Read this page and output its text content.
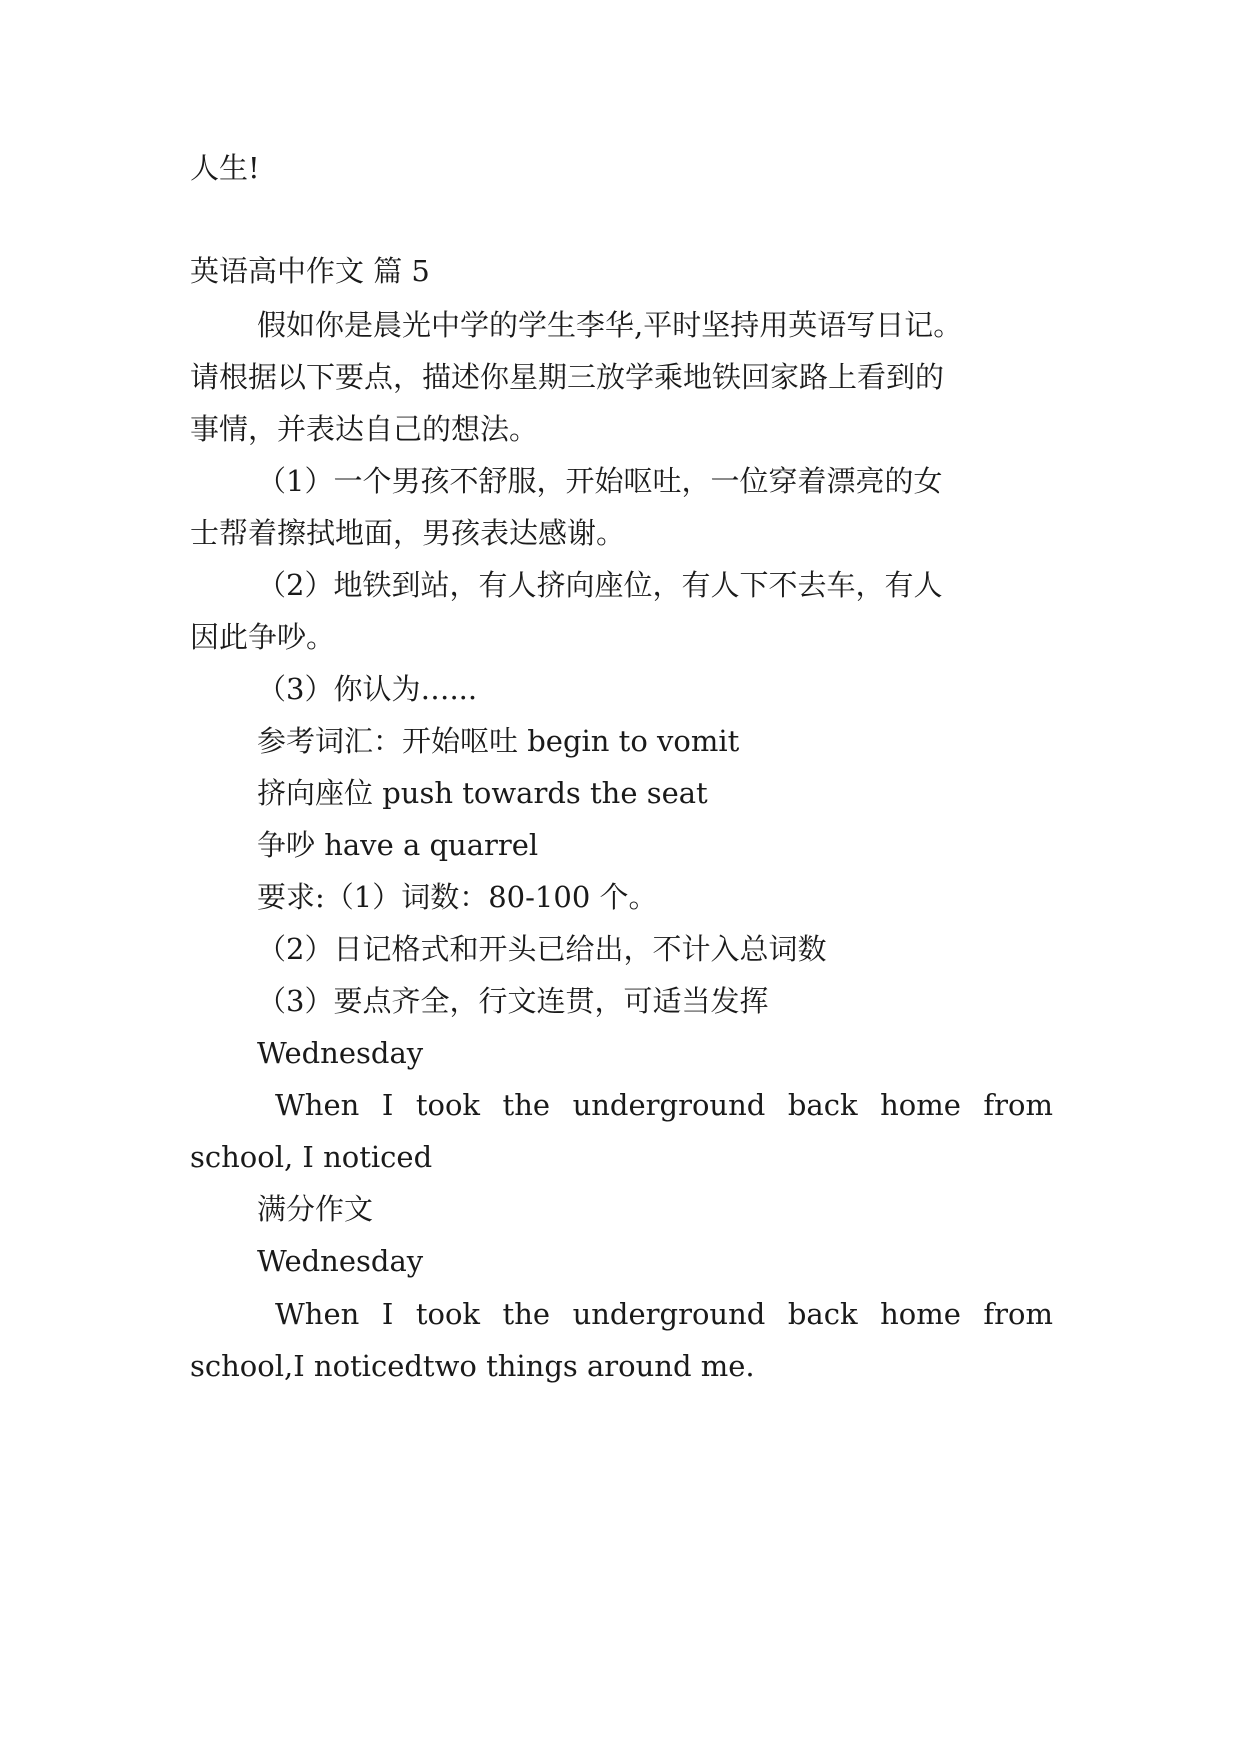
人生!
英语高中作文 篇 5
假如你是晨光中学的学生李华,平时坚持用英语写日记。
请根据以下要点，描述你星期三放学乘地铁回家路上看到的
事情，并表达自己的想法。
（1）一个男孩不舒服，开始呕吐，一位穿着漂亮的女
士帮着擦拭地面，男孩表达感谢。
（2）地铁到站，有人挤向座位，有人下不去车，有人
因此争吵。
（3）你认为…...
参考词汇：开始呕吐 begin to vomit
挤向座位 push towards the seat
争吵 have a quarrel
要求:（1）词数：80-100 个。
（2）日记格式和开头已给出，不计入总词数
（3）要点齐全，行文连贯，可适当发挥
Wednesday
When I took the underground back home from
school, I noticed
满分作文
Wednesday
When I took the underground back home from
school,I noticedtwo things around me.
